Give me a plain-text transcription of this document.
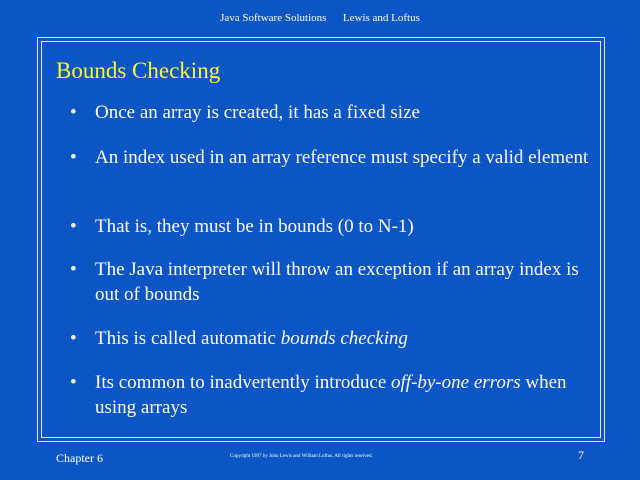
Java Software Solutions      Lewis and Loftus
Bounds Checking
• Once an array is created, it has a fixed size
• An index used in an array reference must specify a valid element
• That is, they must be in bounds (0 to N-1)
• The Java interpreter will throw an exception if an array index is out of bounds
• This is called automatic bounds checking
• Its common to inadvertently introduce off-by-one errors when using arrays
Chapter 6	Copyright 1997 by John Lewis and William Loftus. All rights reserved.	7
